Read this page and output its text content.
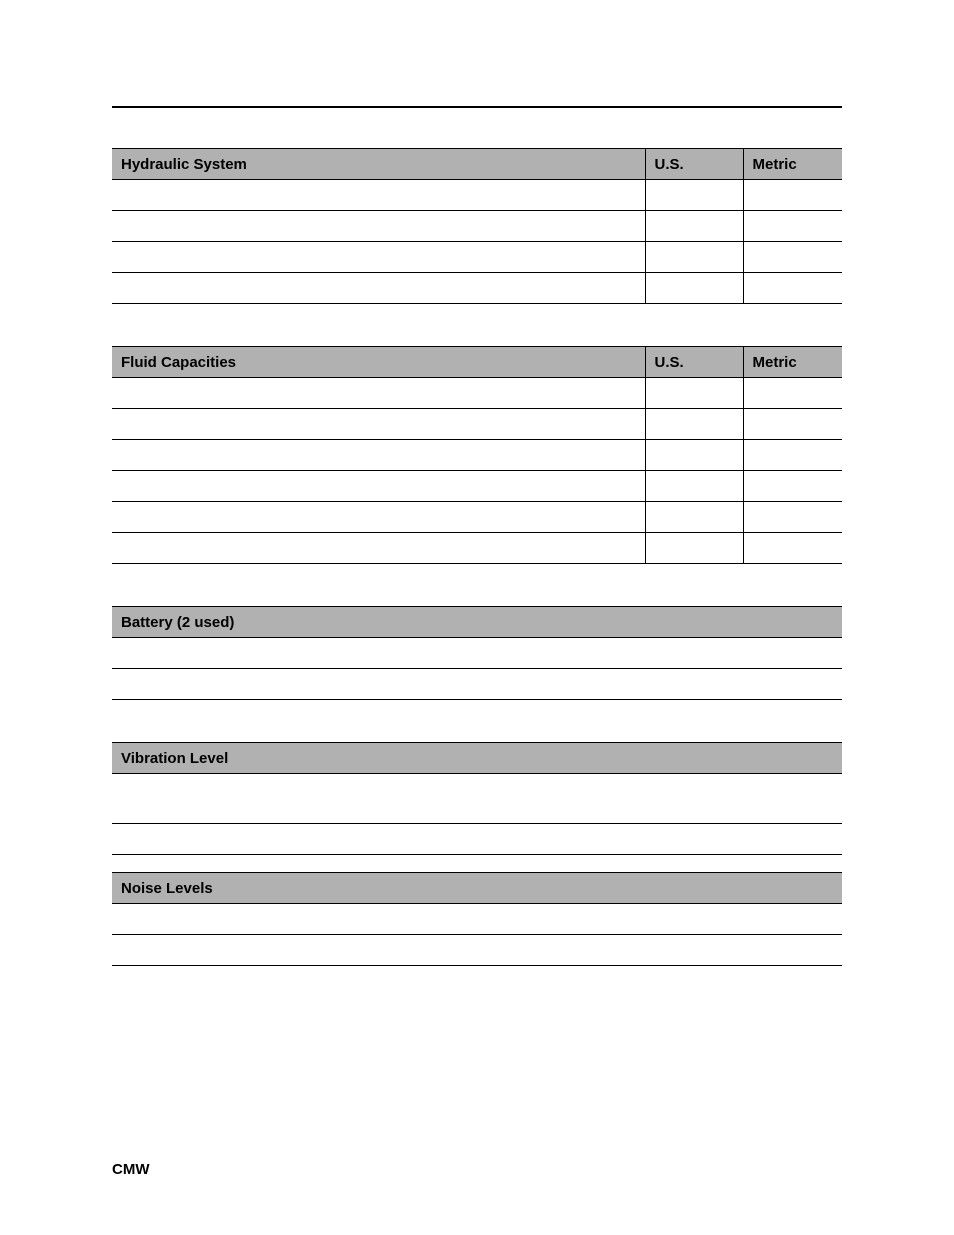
Hydraulic System	U.S.	Metric

Fluid Capacities	U.S.	Metric

Battery (2 used)

Vibration Level

Noise Levels

CMW
